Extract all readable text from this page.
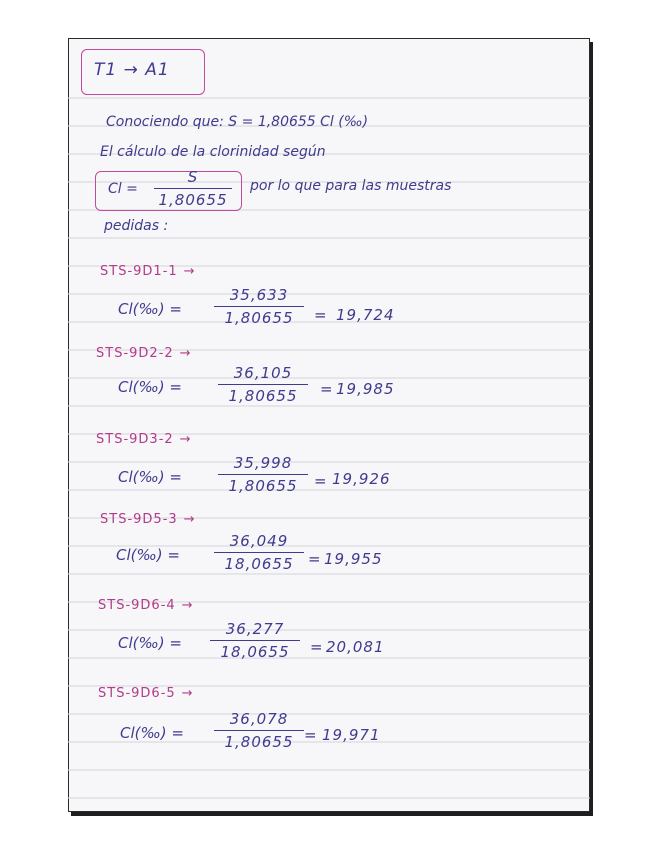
T1 → A1
Conociendo que: S = 1,80655 Cl (‰)
El cálculo de la clorinidad según
Cl =
S
1,80655
por lo que para las muestras
pedidas :
STS-9D1-1 →
Cl(‰) =
35,633
1,80655	= 19,724
STS-9D2-2 →
Cl(‰) =
36,105
1,80655	= 19,985
STS-9D3-2 →
Cl(‰) =
35,998
1,80655	= 19,926
STS-9D5-3 →
Cl(‰) =
36,049
18,0655 = 19,955
STS-9D6-4 →
Cl(‰) =
36,277
18,0655	= 20,081
STS-9D6-5 →
Cl(‰) =
36,078
1,80655 = 19,971
